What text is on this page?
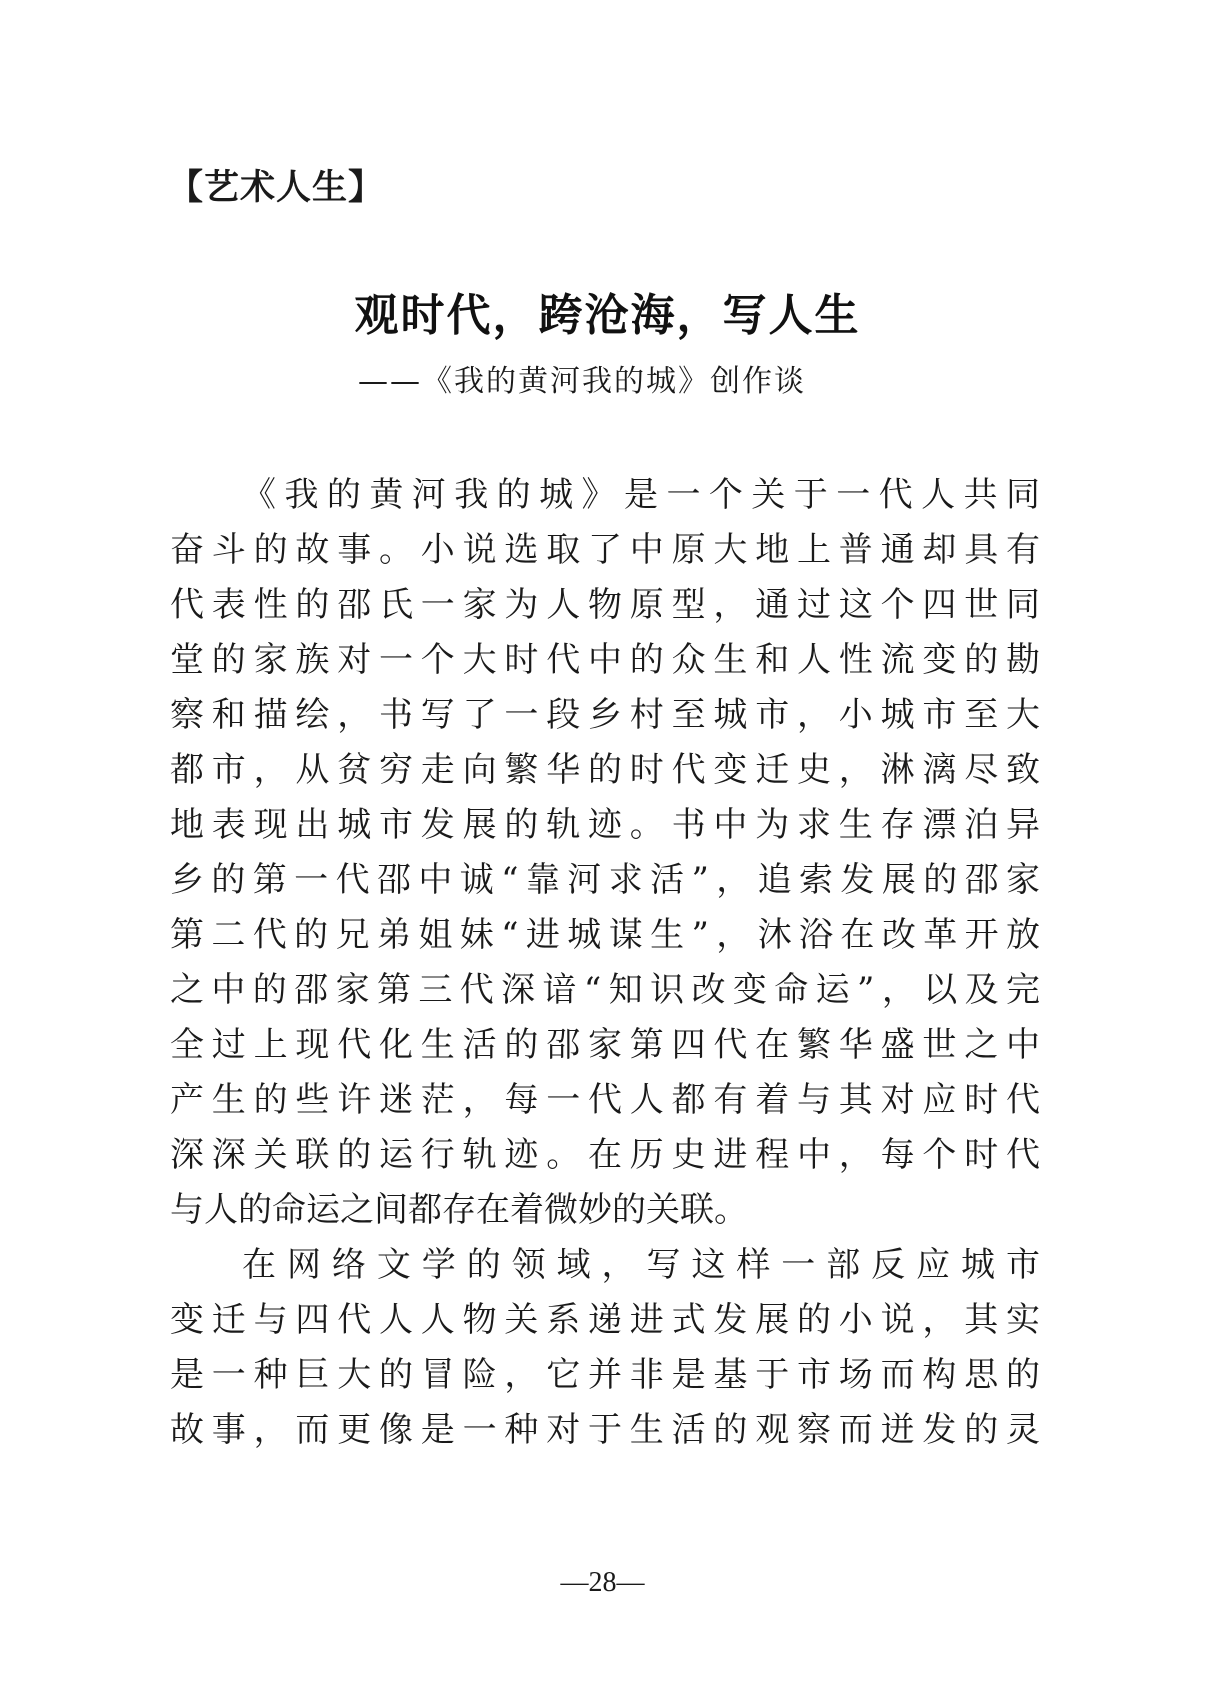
【艺术人生】
观时代，跨沧海，写人生
——《我的黄河我的城》创作谈

《我的黄河我的城》是一个关于一代人共同
奋斗的故事。小说选取了中原大地上普通却具有
代表性的邵氏一家为人物原型，通过这个四世同
堂的家族对一个大时代中的众生和人性流变的勘
察和描绘，书写了一段乡村至城市，小城市至大
都市，从贫穷走向繁华的时代变迁史，淋漓尽致
地表现出城市发展的轨迹。书中为求生存漂泊异
乡的第一代邵中诚“靠河求活”，追索发展的邵家
第二代的兄弟姐妹“进城谋生”，沐浴在改革开放
之中的邵家第三代深谙“知识改变命运”，以及完
全过上现代化生活的邵家第四代在繁华盛世之中
产生的些许迷茫，每一代人都有着与其对应时代
深深关联的运行轨迹。在历史进程中，每个时代
与人的命运之间都存在着微妙的关联。

在网络文学的领域，写这样一部反应城市
变迁与四代人人物关系递进式发展的小说，其实
是一种巨大的冒险，它并非是基于市场而构思的
故事，而更像是一种对于生活的观察而迸发的灵

—28—
